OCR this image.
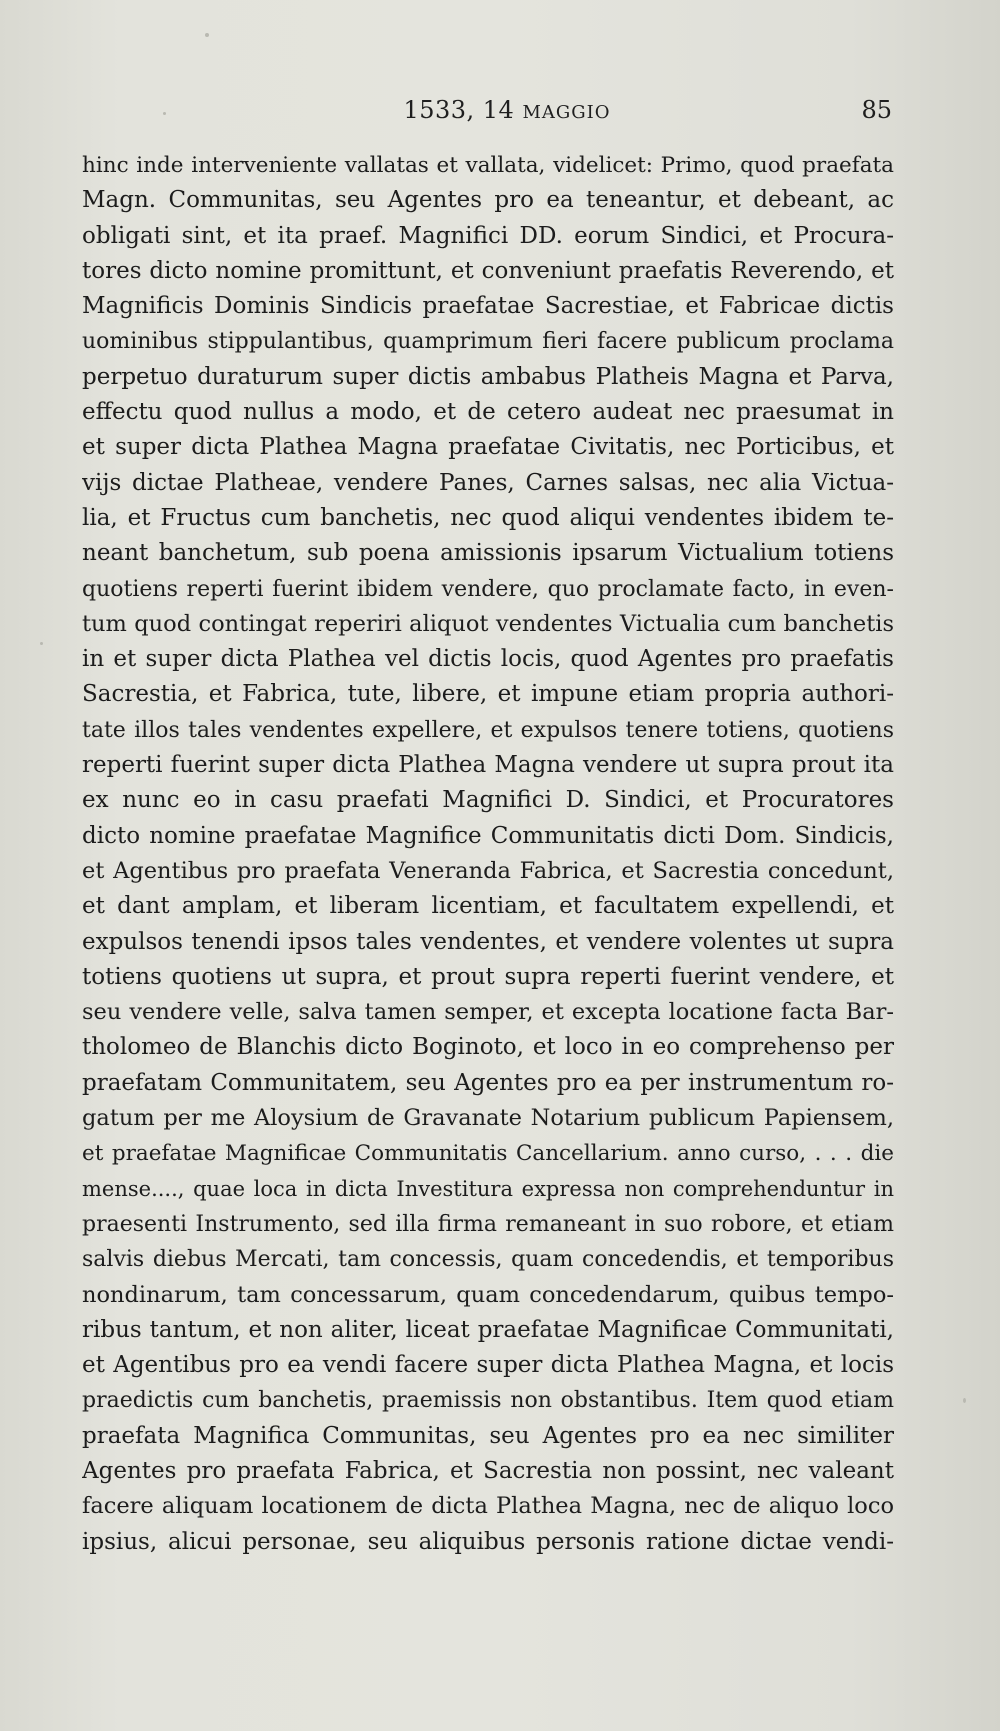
1533, 14 MAGGIO	85
hinc inde interveniente vallatas et vallata, videlicet: Primo, quod praefata
Magn. Communitas, seu Agentes pro ea teneantur, et debeant, ac
obligati sint, et ita praef. Magnifici DD. eorum Sindici, et Procura-
tores dicto nomine promittunt, et conveniunt praefatis Reverendo, et
Magnificis Dominis Sindicis praefatae Sacrestiae, et Fabricae dictis
uominibus stippulantibus, quamprimum fieri facere publicum proclama
perpetuo duraturum super dictis ambabus Platheis Magna et Parva,
effectu quod nullus a modo, et de cetero audeat nec praesumat in
et super dicta Plathea Magna praefatae Civitatis, nec Porticibus, et
vijs dictae Platheae, vendere Panes, Carnes salsas, nec alia Victua-
lia, et Fructus cum banchetis, nec quod aliqui vendentes ibidem te-
neant banchetum, sub poena amissionis ipsarum Victualium totiens
quotiens reperti fuerint ibidem vendere, quo proclamate facto, in even-
tum quod contingat reperiri aliquot vendentes Victualia cum banchetis
in et super dicta Plathea vel dictis locis, quod Agentes pro praefatis
Sacrestia, et Fabrica, tute, libere, et impune etiam propria authori-
tate illos tales vendentes expellere, et expulsos tenere totiens, quotiens
reperti fuerint super dicta Plathea Magna vendere ut supra prout ita
ex nunc eo in casu praefati Magnifici D. Sindici, et Procuratores
dicto nomine praefatae Magnifice Communitatis dicti Dom. Sindicis,
et Agentibus pro praefata Veneranda Fabrica, et Sacrestia concedunt,
et dant amplam, et liberam licentiam, et facultatem expellendi, et
expulsos tenendi ipsos tales vendentes, et vendere volentes ut supra
totiens quotiens ut supra, et prout supra reperti fuerint vendere, et
seu vendere velle, salva tamen semper, et excepta locatione facta Bar-
tholomeo de Blanchis dicto Boginoto, et loco in eo comprehenso per
praefatam Communitatem, seu Agentes pro ea per instrumentum ro-
gatum per me Aloysium de Gravanate Notarium publicum Papiensem,
et praefatae Magnificae Communitatis Cancellarium. anno curso, . . . die
mense...., quae loca in dicta Investitura expressa non comprehenduntur in
praesenti Instrumento, sed illa firma remaneant in suo robore, et etiam
salvis diebus Mercati, tam concessis, quam concedendis, et temporibus
nondinarum, tam concessarum, quam concedendarum, quibus tempo-
ribus tantum, et non aliter, liceat praefatae Magnificae Communitati,
et Agentibus pro ea vendi facere super dicta Plathea Magna, et locis
praedictis cum banchetis, praemissis non obstantibus. Item quod etiam
praefata Magnifica Communitas, seu Agentes pro ea nec similiter
Agentes pro praefata Fabrica, et Sacrestia non possint, nec valeant
facere aliquam locationem de dicta Plathea Magna, nec de aliquo loco
ipsius, alicui personae, seu aliquibus personis ratione dictae vendi-
